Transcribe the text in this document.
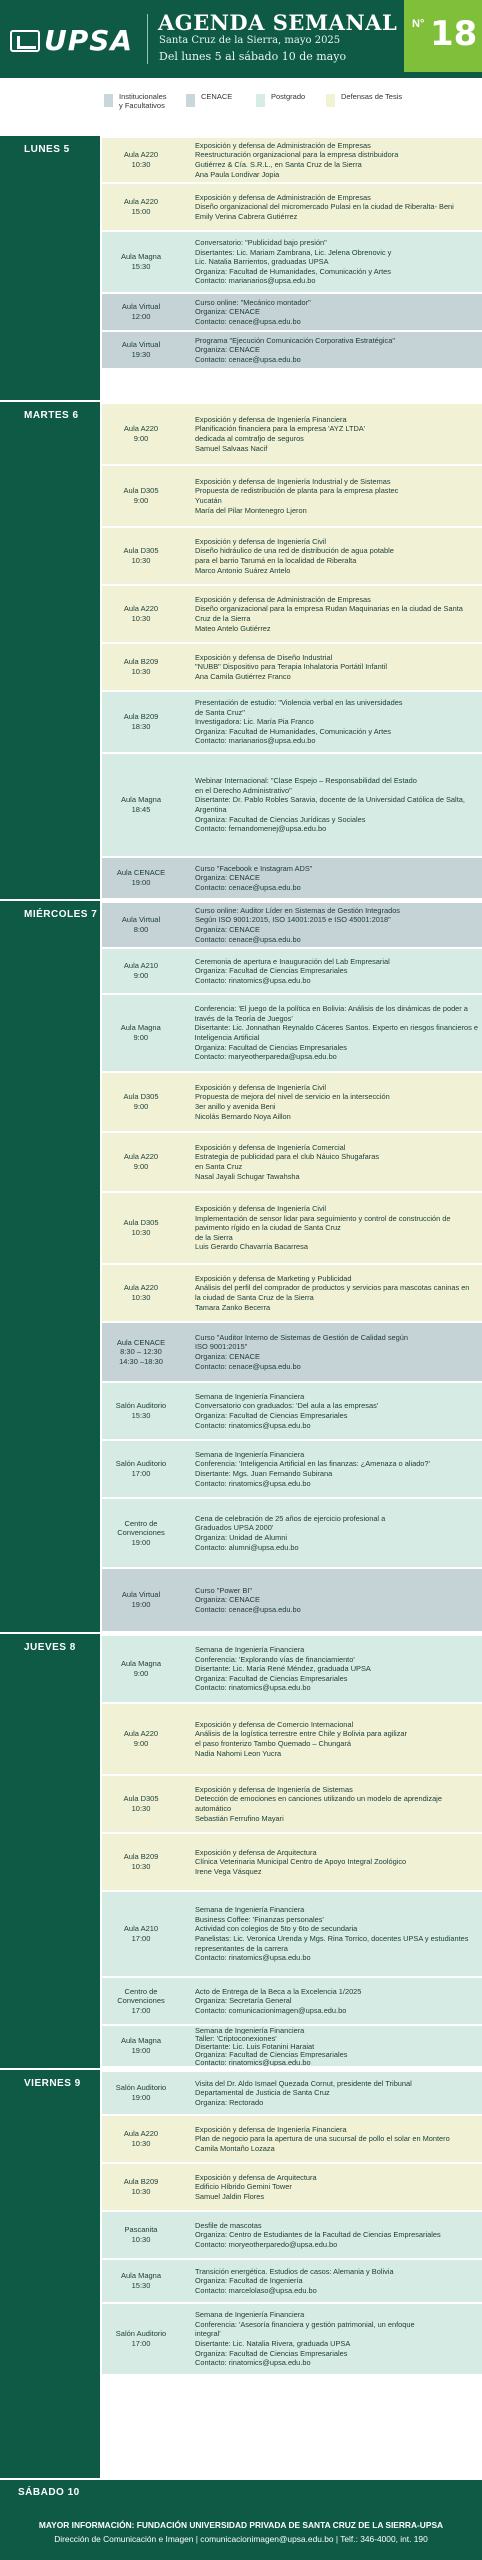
UPSA
AGENDA SEMANAL
Santa Cruz de la Sierra, mayo 2025
Del lunes 5 al sábado 10 de mayo
N° 18
Institucionales
y Facultativos
CENACE	Postgrado	Defensas de Tesis
LUNES 5
MARTES 6
MIÉRCOLES 7
JUEVES 8
VIERNES 9
SÁBADO 10
Aula A220
10:30
Exposición y defensa de Administración de Empresas
Reestructuración organizacional para la empresa distribuidora
Gutiérrez & Cía. S.R.L., en Santa Cruz de la Sierra
Ana Paula Londivar Jopia
Aula A220
15:00
Exposición y defensa de Administración de Empresas
Diseño organizacional del micromercado Pulasi en la ciudad de Riberalta- Beni
Emily Verina Cabrera Gutiérrez
Aula Magna
15:30
Conversatorio: "Publicidad bajo presión"
Disertantes: Lic. Mariam Zambrana, Lic. Jelena Obrenovic y
Lic. Natalia Barrientos, graduadas UPSA
Organiza: Facultad de Humanidades, Comunicación y Artes
Contacto: marianarios@upsa.edu.bo
Aula Virtual
12:00
Curso online: "Mecánico montador"
Organiza: CENACE
Contacto: cenace@upsa.edu.bo
Aula Virtual
19:30
Programa "Ejecución Comunicación Corporativa Estratégica"
Organiza: CENACE
Contacto: cenace@upsa.edu.bo
Aula A220
9:00
Exposición y defensa de Ingeniería Financiera
Planificación financiera para la empresa 'AYZ LTDA'
dedicada al comtrafjo de seguros
Samuel Salvaas Nacif
Aula D305
9:00
Exposición y defensa de Ingeniería Industrial y de Sistemas
Propuesta de redistribución de planta para la empresa plastec
Yucatán
María del Pilar Montenegro Ljeron
Aula D305
10:30
Exposición y defensa de Ingeniería Civil
Diseño hidráulico de una red de distribución de agua potable
para el barrio Tarumá en la localidad de Riberalta
Marco Antonio Suárez Antelo
Aula A220
10:30
Exposición y defensa de Administración de Empresas
Diseño organizacional para la empresa Rudan Maquinarias en la ciudad de Santa
Cruz de la Sierra
Mateo Antelo Gutiérrez
Aula B209
10:30
Exposición y defensa de Diseño Industrial
"NUBB" Dispositivo para Terapia Inhalatoria Portátil Infantil
Ana Camila Gutiérrez Franco
Aula B209
18:30
Presentación de estudio: "Violencia verbal en las universidades
de Santa Cruz"
Investigadora: Lic. María Pia Franco
Organiza: Facultad de Humanidades, Comunicación y Artes
Contacto: marianarios@upsa.edu.bo
Aula Magna
18:45
Webinar Internacional: "Clase Espejo – Responsabilidad del Estado
en el Derecho Administrativo"
Disertante: Dr. Pablo Robles Saravia, docente de la Universidad Católica de Salta,
Argentina
Organiza: Facultad de Ciencias Jurídicas y Sociales
Contacto: fernandomenej@upsa.edu.bo
Aula CENACE
19:00
Curso "Facebook e Instagram ADS"
Organiza: CENACE
Contacto: cenace@upsa.edu.bo
Aula Virtual
8:00
Curso online: Auditor Líder en Sistemas de Gestión Integrados
Según ISO 9001:2015, ISO 14001:2015 e ISO 45001:2018"
Organiza: CENACE
Contacto: cenace@upsa.edu.bo
Aula A210
9:00
Ceremonia de apertura e Inauguración del Lab Empresarial
Organiza: Facultad de Ciencias Empresariales
Contacto: rinatomics@upsa.edu.bo
Aula Magna
9:00
Conferencia: 'El juego de la política en Bolivia: Análisis de los dinámicas de poder a
través de la Teoría de Juegos'
Disertante: Lic. Jonnathan Reynaldo Cáceres Santos. Experto en riesgos financieros e
Inteligencia Artificial
Organiza: Facultad de Ciencias Empresariales
Contacto: maryeotherpareda@upsa.edu.bo
Aula D305
9:00
Exposición y defensa de Ingeniería Civil
Propuesta de mejora del nivel de servicio en la intersección
3er anillo y avenida Beni
Nicolás Bernardo Noya Aillon
Aula A220
9:00
Exposición y defensa de Ingeniería Comercial
Estrategia de publicidad para el club Náuico Shugafaras
en Santa Cruz
Nasal Jayali Schugar Tawahsha
Aula D305
10:30
Exposición y defensa de Ingeniería Civil
Implementación de sensor lidar para seguimiento y control de construcción de
pavimento rígido en la ciudad de Santa Cruz
de la Sierra
Luis Gerardo Chavarría Bacarresa
Aula A220
10:30
Exposición y defensa de Marketing y Publicidad
Análisis del perfil del comprador de productos y servicios para mascotas caninas en
la ciudad de Santa Cruz de la Sierra
Tamara Zanko Becerra
Aula CENACE
8:30 – 12:30
14:30 –18:30
Curso "Auditor Interno de Sistemas de Gestión de Calidad según
ISO 9001:2015"
Organiza: CENACE
Contacto: cenace@upsa.edu.bo
Salón Auditorio
15:30
Semana de Ingeniería Financiera
Conversatorio con graduados: 'Del aula a las empresas'
Organiza: Facultad de Ciencias Empresariales
Contacto: rinatomics@upsa.edu.bo
Salón Auditorio
17:00
Semana de Ingeniería Financiera
Conferencia: 'Inteligencia Artificial en las finanzas: ¿Amenaza o aliado?'
Disertante: Mgs. Juan Fernando Subirana
Contacto: rinatomics@upsa.edu.bo
Centro de
Convenciones
19:00
Cena de celebración de 25 años de ejercicio profesional a
Graduados UPSA 2000'
Organiza: Unidad de Alumni
Contacto: alumni@upsa.edu.bo
Aula Virtual
19:00
Curso "Power BI"
Organiza: CENACE
Contacto: cenace@upsa.edu.bo
Aula Magna
9:00
Semana de Ingeniería Financiera
Conferencia: 'Explorando vías de financiamiento'
Disertante: Lic. María René Méndez, graduada UPSA
Organiza: Facultad de Ciencias Empresariales
Contacto: rinatomics@upsa.edu.bo
Aula A220
9:00
Exposición y defensa de Comercio Internacional
Análisis de la logística terrestre entre Chile y Bolivia para agilizar
el paso fronterizo Tambo Quemado – Chungará
Nadia Nahomi Leon Yucra
Aula D305
10:30
Exposición y defensa de Ingeniería de Sistemas
Detección de emociones en canciones utilizando un modelo de aprendizaje
automático
Sebastián Ferrufino Mayari
Aula B209
10:30
Exposición y defensa de Arquitectura
Clínica Veterinaria Municipal Centro de Apoyo Integral Zoológico
Irene Vega Vásquez
Aula A210
17:00
Semana de Ingeniería Financiera
Business Coffee: 'Finanzas personales'
Actividad con colegios de 5to y 6to de secundaria
Panelistas: Lic. Veronica Urenda y Mgs. Rina Torrico, docentes UPSA y estudiantes
representantes de la carrera
Contacto: rinatomics@upsa.edu.bo
Centro de
Convenciones
17:00
Acto de Entrega de la Beca a la Excelencia 1/2025
Organiza: Secretaría General
Contacto: comunicacionimagen@upsa.edu.bo
Aula Magna
19:00
Semana de Ingeniería Financiera
Taller: 'Criptoconexiones'
Disertante: Lic. Luis Fotanini Haraiat
Organiza: Facultad de Ciencias Empresariales
Contacto: rinatomics@upsa.edu.bo
Salón Auditorio
19:00
Visita del Dr. Aldo Ismael Quezada Cornut, presidente del Tribunal
Departamental de Justicia de Santa Cruz
Organiza: Rectorado
Aula A220
10:30
Exposición y defensa de Ingeniería Financiera
Plan de negocio para la apertura de una sucursal de pollo el solar en Montero
Camila Montaño Lozaza
Aula B209
10:30
Exposición y defensa de Arquitectura
Edificio Híbrido Gemini Tower
Samuel Jaldin Flores
Pascanita
10:30
Desfile de mascotas
Organiza: Centro de Estudiantes de la Facultad de Ciencias Empresariales
Contacto: moryeotherparedo@upsa.edu.bo
Aula Magna
15:30
Transición energética. Estudios de casos: Alemania y Bolivia
Organiza: Facultad de Ingeniería
Contacto: marcelolaso@upsa.edu.bo
Salón Auditorio
17:00
Semana de Ingeniería Financiera
Conferencia: 'Asesoría financiera y gestión patrimonial, un enfoque
integral'
Disertante: Lic. Natalia Rivera, graduada UPSA
Organiza: Facultad de Ciencias Empresariales
Contacto: rinatomics@upsa.edu.bo
MAYOR INFORMACIÓN: FUNDACIÓN UNIVERSIDAD PRIVADA DE SANTA CRUZ DE LA SIERRA-UPSA
Dirección de Comunicación e Imagen | comunicacionimagen@upsa.edu.bo | Telf.: 346-4000, int. 190
